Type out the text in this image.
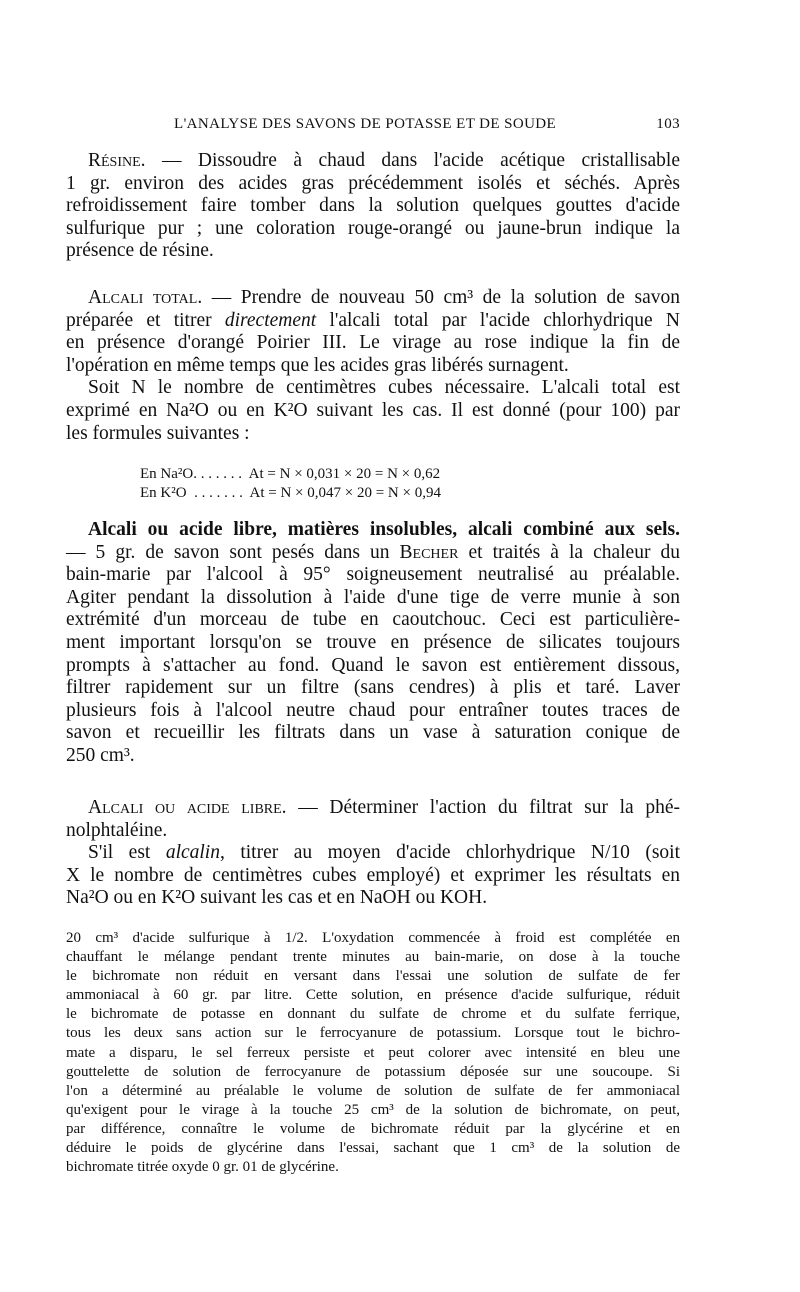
L'ANALYSE DES SAVONS DE POTASSE ET DE SOUDE	103
Résine. — Dissoudre à chaud dans l'acide acétique cristallisable
1 gr. environ des acides gras précédemment isolés et séchés. Après
refroidissement faire tomber dans la solution quelques gouttes d'acide
sulfurique pur ; une coloration rouge-orangé ou jaune-brun indique la
présence de résine.
Alcali total. — Prendre de nouveau 50 cm³ de la solution de savon
préparée et titrer directement l'alcali total par l'acide chlorhydrique N
en présence d'orangé Poirier III. Le virage au rose indique la fin de
l'opération en même temps que les acides gras libérés surnagent.
Soit N le nombre de centimètres cubes nécessaire. L'alcali total est
exprimé en Na²O ou en K²O suivant les cas. Il est donné (pour 100) par
les formules suivantes :
En Na²O. . . . . . .  At = N × 0,031 × 20 = N × 0,62
En K²O  . . . . . . .  At = N × 0,047 × 20 = N × 0,94
Alcali ou acide libre, matières insolubles, alcali combiné aux sels.
— 5 gr. de savon sont pesés dans un Becher et traités à la chaleur du
bain-marie par l'alcool à 95° soigneusement neutralisé au préalable.
Agiter pendant la dissolution à l'aide d'une tige de verre munie à son
extrémité d'un morceau de tube en caoutchouc. Ceci est particulière-
ment important lorsqu'on se trouve en présence de silicates toujours
prompts à s'attacher au fond. Quand le savon est entièrement dissous,
filtrer rapidement sur un filtre (sans cendres) à plis et taré. Laver
plusieurs fois à l'alcool neutre chaud pour entraîner toutes traces de
savon et recueillir les filtrats dans un vase à saturation conique de
250 cm³.
Alcali ou acide libre. — Déterminer l'action du filtrat sur la phé-
nolphtaléine.
S'il est alcalin, titrer au moyen d'acide chlorhydrique N/10 (soit
X le nombre de centimètres cubes employé) et exprimer les résultats en
Na²O ou en K²O suivant les cas et en NaOH ou KOH.
20 cm³ d'acide sulfurique à 1/2. L'oxydation commencée à froid est complétée en
chauffant le mélange pendant trente minutes au bain-marie, on dose à la touche
le bichromate non réduit en versant dans l'essai une solution de sulfate de fer
ammoniacal à 60 gr. par litre. Cette solution, en présence d'acide sulfurique, réduit
le bichromate de potasse en donnant du sulfate de chrome et du sulfate ferrique,
tous les deux sans action sur le ferrocyanure de potassium. Lorsque tout le bichro-
mate a disparu, le sel ferreux persiste et peut colorer avec intensité en bleu une
gouttelette de solution de ferrocyanure de potassium déposée sur une soucoupe. Si
l'on a déterminé au préalable le volume de solution de sulfate de fer ammoniacal
qu'exigent pour le virage à la touche 25 cm³ de la solution de bichromate, on peut,
par différence, connaître le volume de bichromate réduit par la glycérine et en
déduire le poids de glycérine dans l'essai, sachant que 1 cm³ de la solution de
bichromate titrée oxyde 0 gr. 01 de glycérine.
